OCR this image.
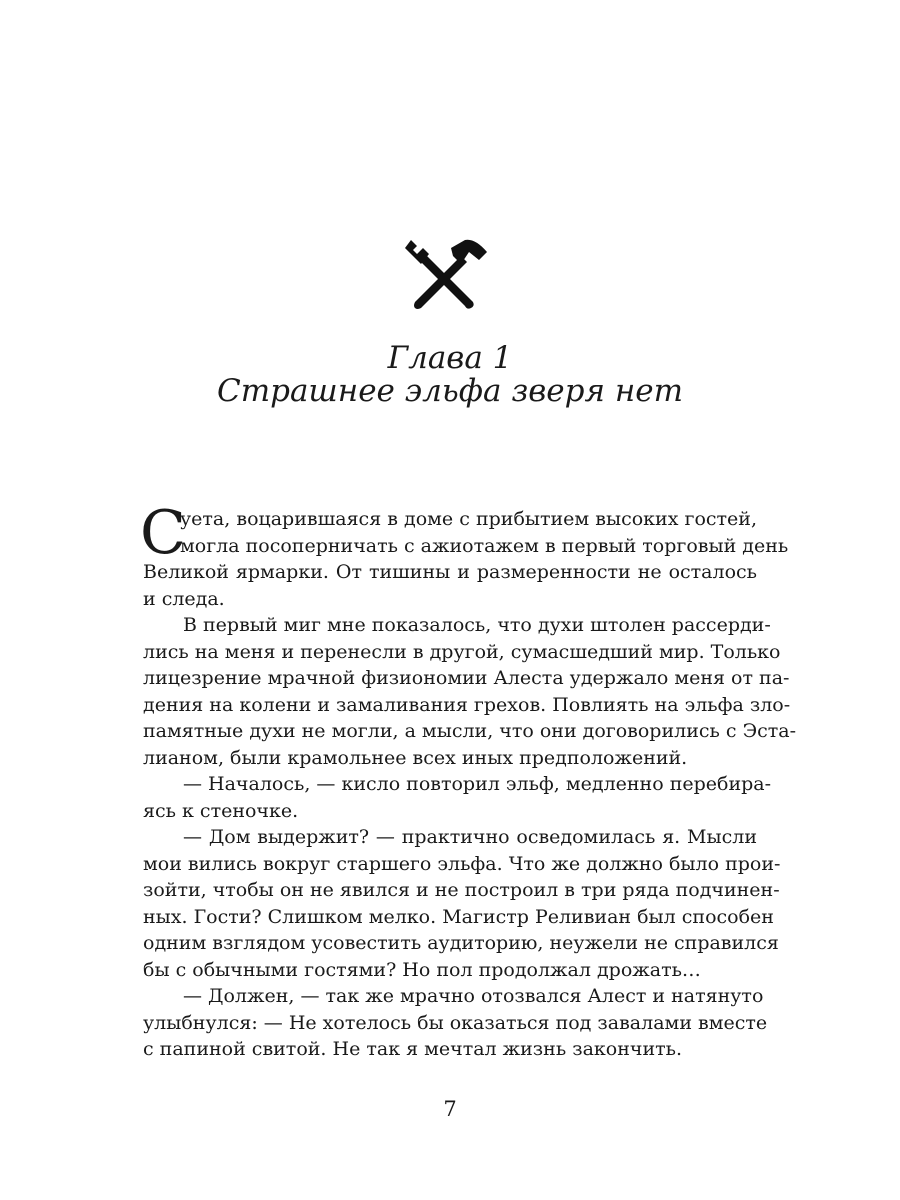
Глава 1
Страшнее эльфа зверя нет
С
уета, воцарившаяся в доме с прибытием высоких гостей,
могла посоперничать с ажиотажем в первый торговый день
Великой ярмарки. От тишины и размеренности не осталось
и следа.
В первый миг мне показалось, что духи штолен рассерди-
лись на меня и перенесли в другой, сумасшедший мир. Только
лицезрение мрачной физиономии Алеста удержало меня от па-
дения на колени и замаливания грехов. Повлиять на эльфа зло-
памятные духи не могли, а мысли, что они договорились с Эста-
лианом, были крамольнее всех иных предположений.
— Началось, — кисло повторил эльф, медленно перебира-
ясь к стеночке.
— Дом выдержит? — практично осведомилась я. Мысли
мои вились вокруг старшего эльфа. Что же должно было прои-
зойти, чтобы он не явился и не построил в три ряда подчинен-
ных. Гости? Слишком мелко. Магистр Реливиан был способен
одним взглядом усовестить аудиторию, неужели не справился
бы с обычными гостями? Но пол продолжал дрожать…
— Должен, — так же мрачно отозвался Алест и натянуто
улыбнулся: — Не хотелось бы оказаться под завалами вместе
с папиной свитой. Не так я мечтал жизнь закончить.
7
